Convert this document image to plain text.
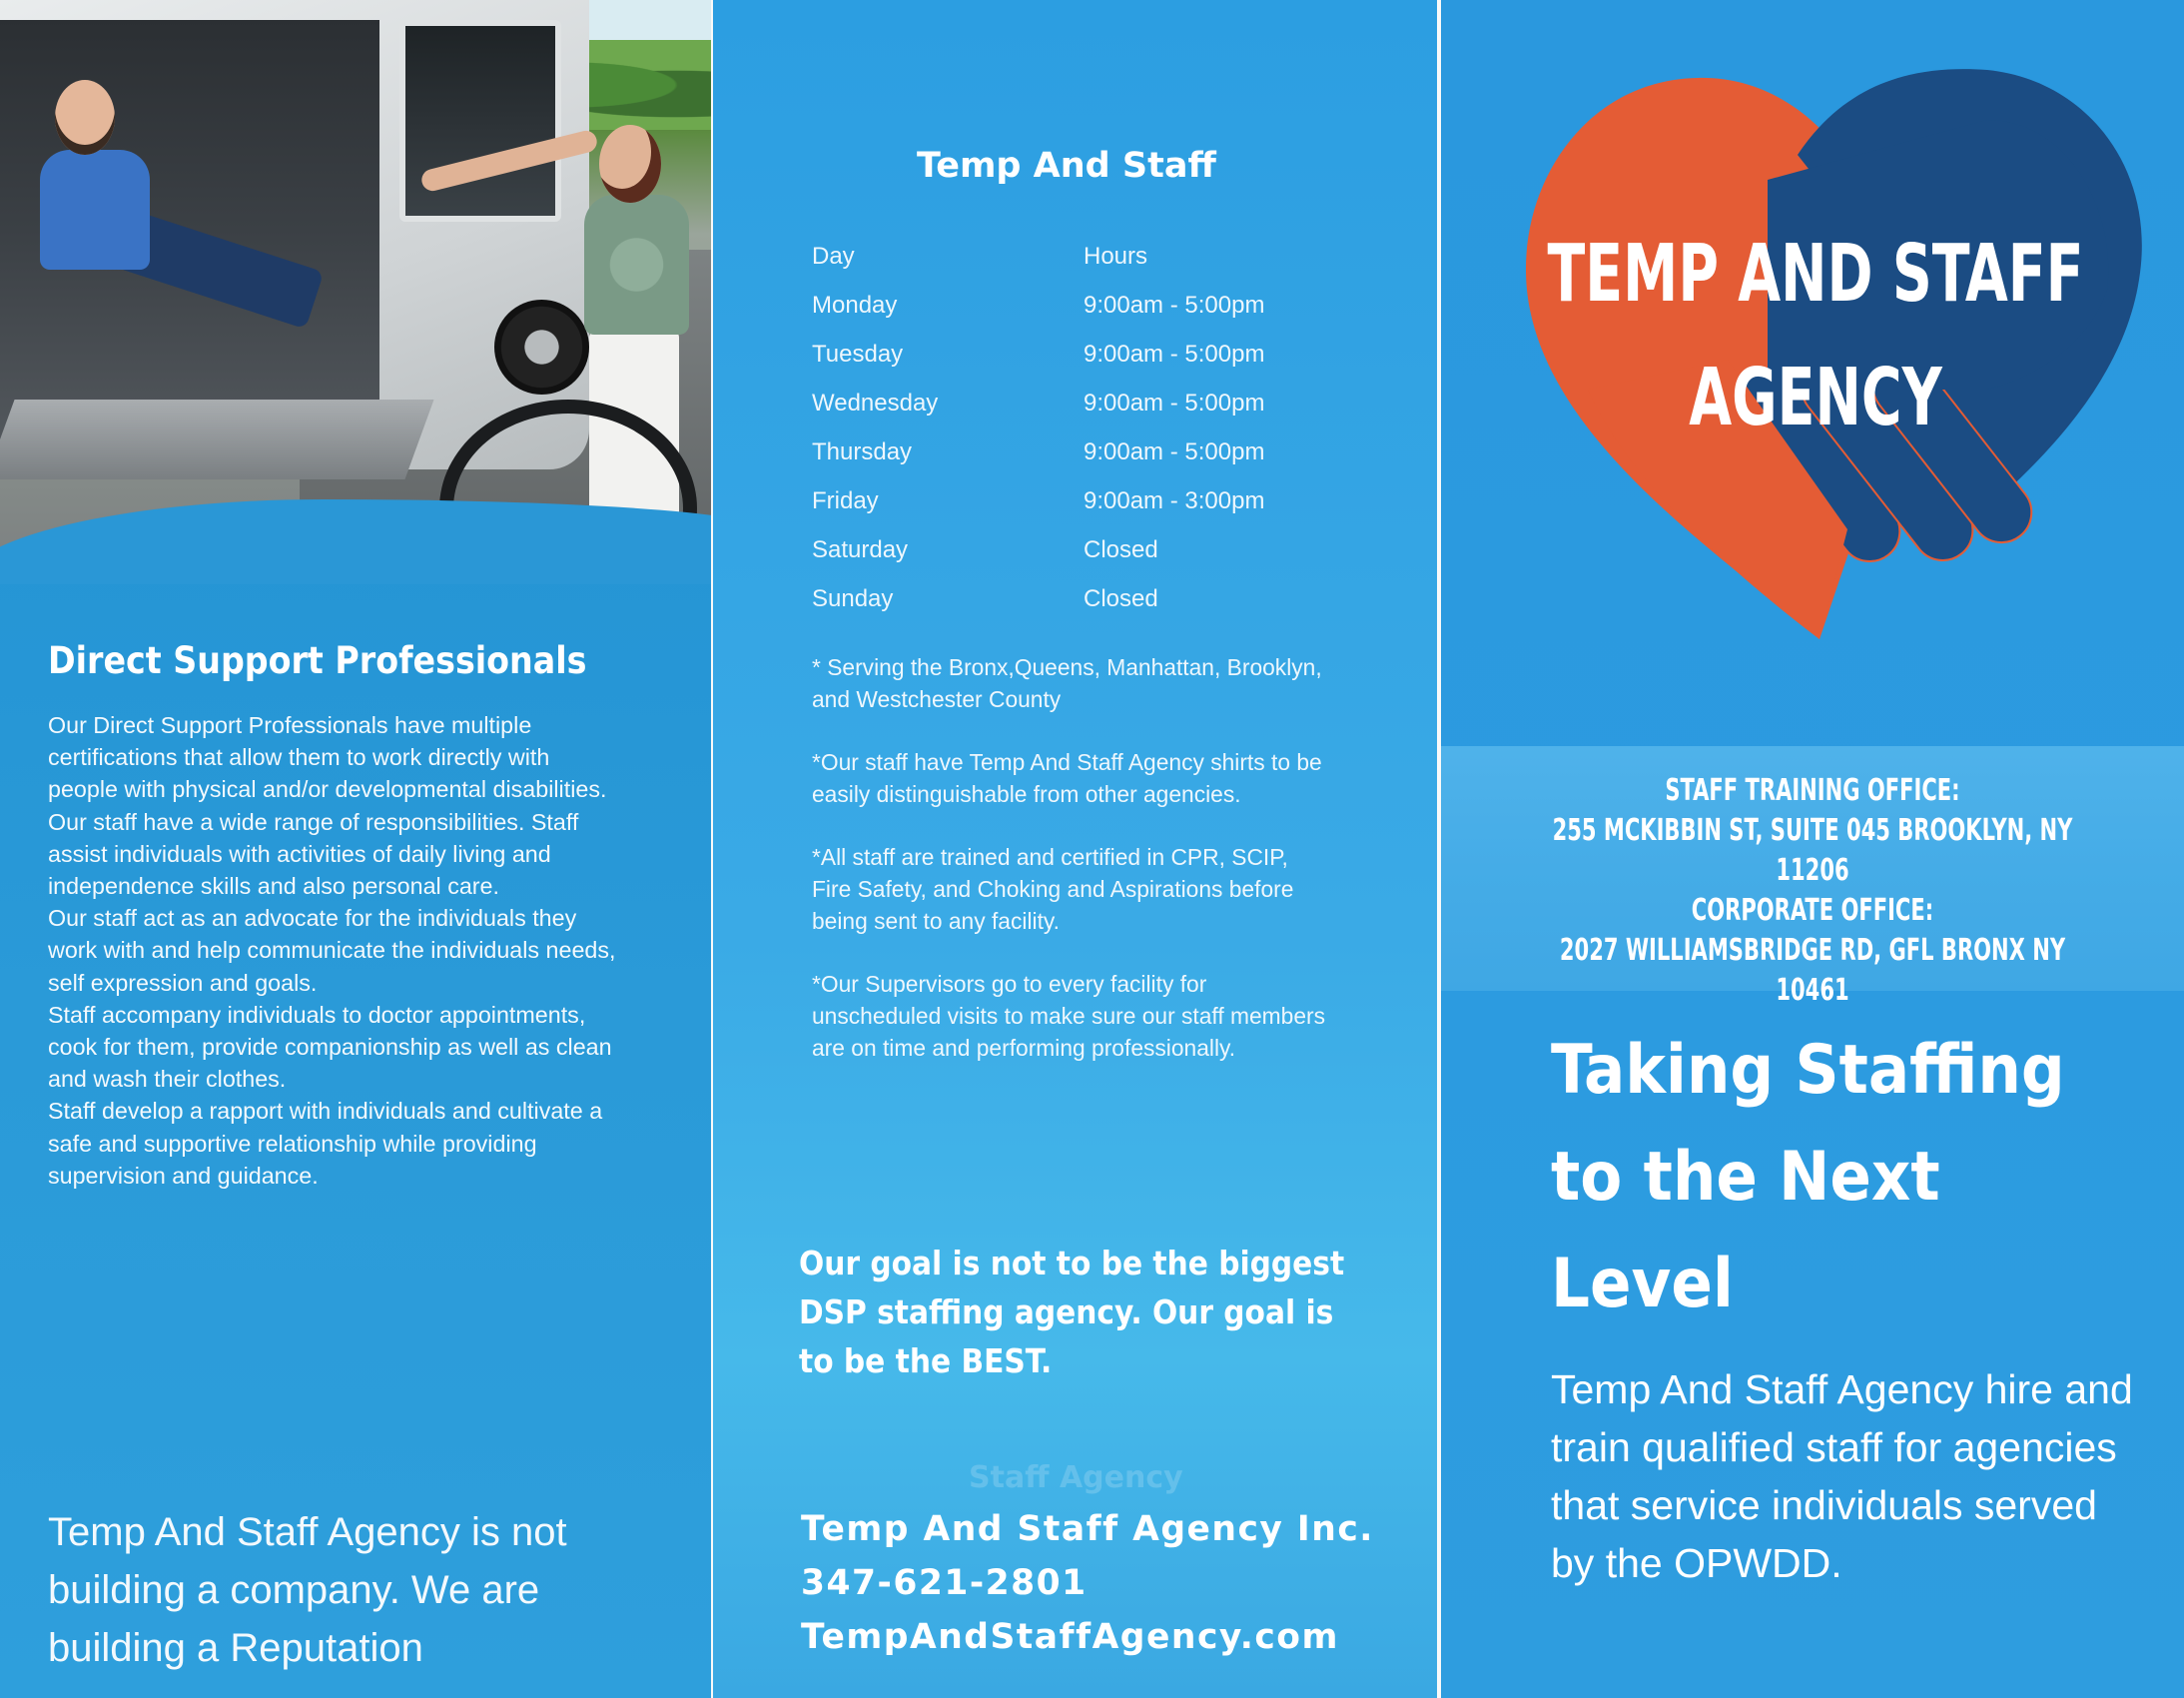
Direct Support Professionals

Our Direct Support Professionals have multiple certifications that allow them to work directly with people with physical and/or developmental disabilities. Our staff have a wide range of responsibilities. Staff assist individuals with activities of daily living and independence skills and also personal care.

Our staff act as an advocate for the individuals they work with and help communicate the individuals needs, self expression and goals.

Staff accompany individuals to doctor appointments, cook for them, provide companionship as well as clean and wash their clothes.

Staff develop a rapport with individuals and cultivate a safe and supportive relationship while providing supervision and guidance.

Temp And Staff Agency is not building a company. We are building a Reputation
Temp And Staff
Day	Hours
Monday	9:00am - 5:00pm
Tuesday	9:00am - 5:00pm
Wednesday	9:00am - 5:00pm
Thursday	9:00am - 5:00pm
Friday	9:00am - 3:00pm
Saturday	Closed
Sunday	Closed

* Serving the Bronx,Queens, Manhattan, Brooklyn, and Westchester County

*Our staff have Temp And Staff Agency shirts to be easily distinguishable from other agencies.

*All staff are trained and certified in CPR, SCIP, Fire Safety, and Choking and Aspirations before being sent to any facility.

*Our Supervisors go to every facility for unscheduled visits to make sure our staff members are on time and performing professionally.

Our goal is not to be the biggest DSP staffing agency. Our goal is to be the BEST.
Staff Agency
Temp And Staff Agency Inc.
347-621-2801
TempAndStaffAgency.com
TEMP AND STAFF
AGENCY
STAFF TRAINING OFFICE:
255 MCKIBBIN ST, SUITE 045 BROOKLYN, NY 11206
CORPORATE OFFICE:
2027 WILLIAMSBRIDGE RD, GFL BRONX NY 10461
Taking Staffing to the Next Level
Temp And Staff Agency hire and train qualified staff for agencies that service individuals served by the OPWDD.
